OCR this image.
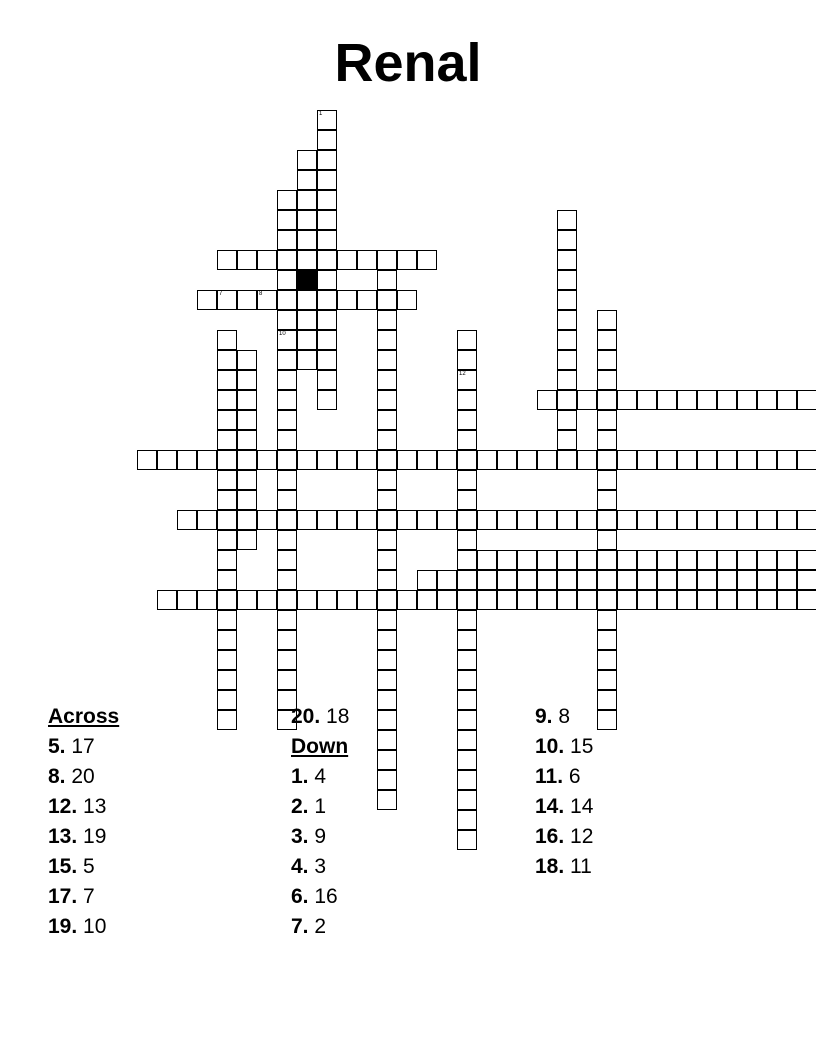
Renal
1
10
7	8
12
Across
5. 17
8. 20
12. 13
13. 19
15. 5
17. 7
19. 10
20. 18
Down
1. 4
2. 1
3. 9
4. 3
6. 16
7. 2
9. 8
10. 15
11. 6
14. 14
16. 12
18. 11
